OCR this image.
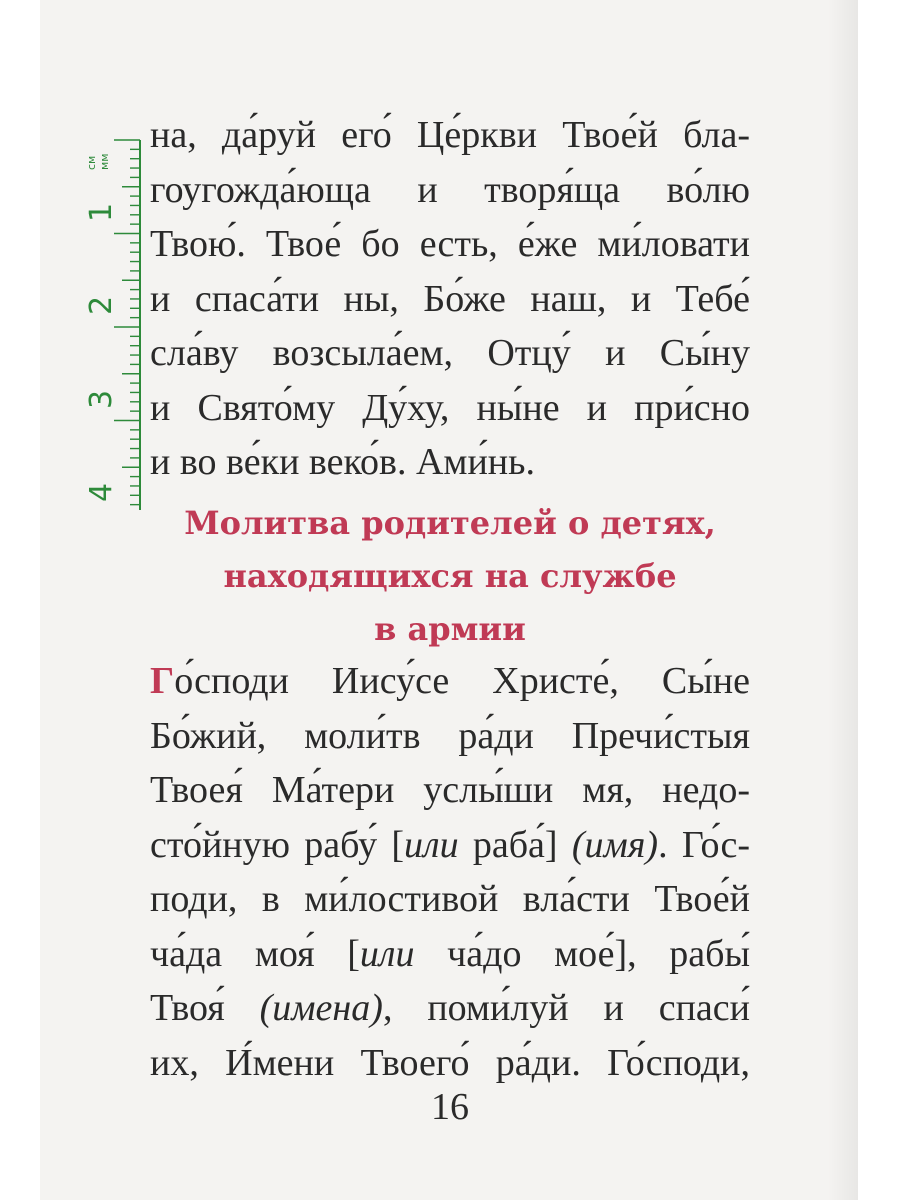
мм
см
1
2
3
4
на, да́руй его́ Це́ркви Твое́й бла-
гоугожда́юща и творя́ща во́лю
Твою́. Твое́ бо есть, е́же ми́ловати
и спаса́ти ны, Бо́же наш, и Тебе́
сла́ву возсыла́ем, Отцу́ и Сы́ну
и Свято́му Ду́ху, ны́не и при́сно
и во ве́ки веко́в. Ами́нь.
Молитва родителей о детях,
находящихся на службе
в армии
Го́споди Иису́се Христе́, Сы́не
Бо́жий, моли́тв ра́ди Пречи́стыя
Твоея́ Ма́тери услы́ши мя, недо-
сто́йную рабу́ [или раба́] (имя). Го́с-
поди, в ми́лостивой вла́сти Твое́й
ча́да моя́ [или ча́до мое́], рабы́
Твоя́ (имена), поми́луй и спаси́
их, И́мени Твоего́ ра́ди. Го́споди,
16
